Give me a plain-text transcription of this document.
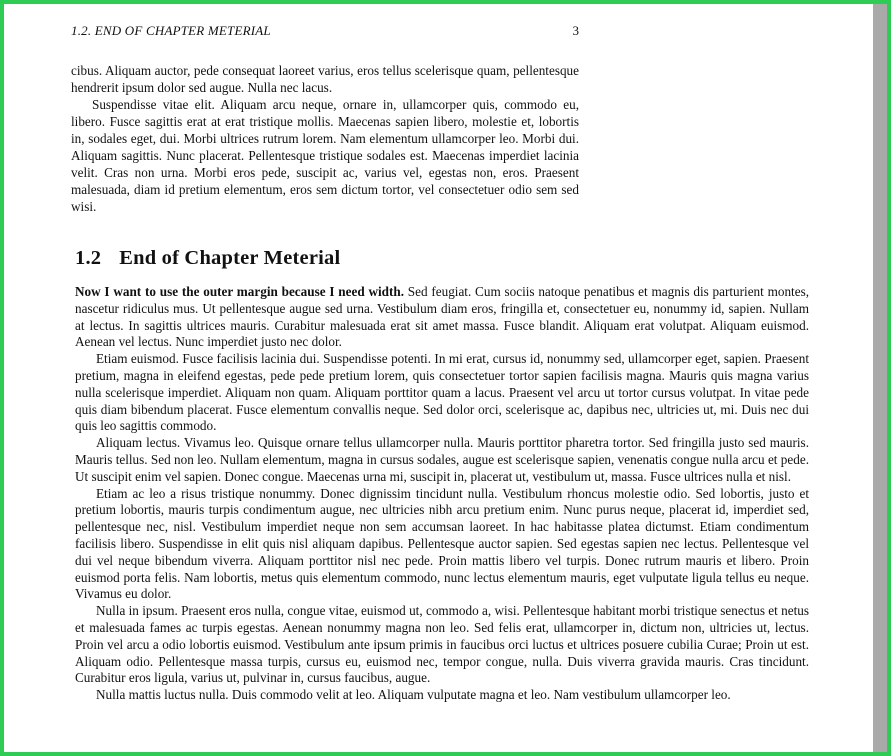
1.2. END OF CHAPTER METERIAL	3

cibus. Aliquam auctor, pede consequat laoreet varius, eros tellus scelerisque quam, pellentesque hendrerit ipsum dolor sed augue. Nulla nec lacus.

Suspendisse vitae elit. Aliquam arcu neque, ornare in, ullamcorper quis, commodo eu, libero. Fusce sagittis erat at erat tristique mollis. Maecenas sapien libero, molestie et, lobortis in, sodales eget, dui. Morbi ultrices rutrum lorem. Nam elementum ullamcorper leo. Morbi dui. Aliquam sagittis. Nunc placerat. Pellentesque tristique sodales est. Maecenas imperdiet lacinia velit. Cras non urna. Morbi eros pede, suscipit ac, varius vel, egestas non, eros. Praesent malesuada, diam id pretium elementum, eros sem dictum tortor, vel consectetuer odio sem sed wisi.

1.2 End of Chapter Meterial

Now I want to use the outer margin because I need width. Sed feugiat. Cum sociis natoque penatibus et magnis dis parturient montes, nascetur ridiculus mus. Ut pellentesque augue sed urna. Vestibulum diam eros, fringilla et, consectetuer eu, nonummy id, sapien. Nullam at lectus. In sagittis ultrices mauris. Curabitur malesuada erat sit amet massa. Fusce blandit. Aliquam erat volutpat. Aliquam euismod. Aenean vel lectus. Nunc imperdiet justo nec dolor.

Etiam euismod. Fusce facilisis lacinia dui. Suspendisse potenti. In mi erat, cursus id, nonummy sed, ullamcorper eget, sapien. Praesent pretium, magna in eleifend egestas, pede pede pretium lorem, quis consectetuer tortor sapien facilisis magna. Mauris quis magna varius nulla scelerisque imperdiet. Aliquam non quam. Aliquam porttitor quam a lacus. Praesent vel arcu ut tortor cursus volutpat. In vitae pede quis diam bibendum placerat. Fusce elementum convallis neque. Sed dolor orci, scelerisque ac, dapibus nec, ultricies ut, mi. Duis nec dui quis leo sagittis commodo.

Aliquam lectus. Vivamus leo. Quisque ornare tellus ullamcorper nulla. Mauris porttitor pharetra tortor. Sed fringilla justo sed mauris. Mauris tellus. Sed non leo. Nullam elementum, magna in cursus sodales, augue est scelerisque sapien, venenatis congue nulla arcu et pede. Ut suscipit enim vel sapien. Donec congue. Maecenas urna mi, suscipit in, placerat ut, vestibulum ut, massa. Fusce ultrices nulla et nisl.

Etiam ac leo a risus tristique nonummy. Donec dignissim tincidunt nulla. Vestibulum rhoncus molestie odio. Sed lobortis, justo et pretium lobortis, mauris turpis condimentum augue, nec ultricies nibh arcu pretium enim. Nunc purus neque, placerat id, imperdiet sed, pellentesque nec, nisl. Vestibulum imperdiet neque non sem accumsan laoreet. In hac habitasse platea dictumst. Etiam condimentum facilisis libero. Suspendisse in elit quis nisl aliquam dapibus. Pellentesque auctor sapien. Sed egestas sapien nec lectus. Pellentesque vel dui vel neque bibendum viverra. Aliquam porttitor nisl nec pede. Proin mattis libero vel turpis. Donec rutrum mauris et libero. Proin euismod porta felis. Nam lobortis, metus quis elementum commodo, nunc lectus elementum mauris, eget vulputate ligula tellus eu neque. Vivamus eu dolor.

Nulla in ipsum. Praesent eros nulla, congue vitae, euismod ut, commodo a, wisi. Pellentesque habitant morbi tristique senectus et netus et malesuada fames ac turpis egestas. Aenean nonummy magna non leo. Sed felis erat, ullamcorper in, dictum non, ultricies ut, lectus. Proin vel arcu a odio lobortis euismod. Vestibulum ante ipsum primis in faucibus orci luctus et ultrices posuere cubilia Curae; Proin ut est. Aliquam odio. Pellentesque massa turpis, cursus eu, euismod nec, tempor congue, nulla. Duis viverra gravida mauris. Cras tincidunt. Curabitur eros ligula, varius ut, pulvinar in, cursus faucibus, augue.

Nulla mattis luctus nulla. Duis commodo velit at leo. Aliquam vulputate magna et leo. Nam vestibulum ullamcorper leo.
